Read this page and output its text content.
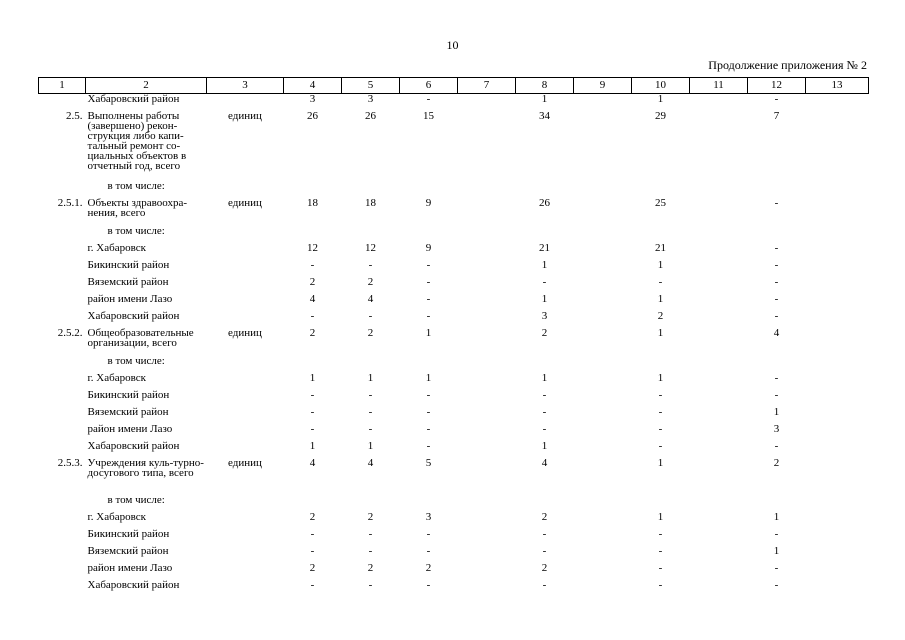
10
Продолжение приложения № 2
1	2	3	4	5	6	7	8	9	10	11	12	13
	Хабаровский район		3	3	-		1		1		-	
2.5.	Выполнены работы (завершено) рекон-струкция либо капи-тальный ремонт со-циальных объектов в отчетный год, всего	единиц	26	26	15		34		29		7	
	в том числе:											
2.5.1.	Объекты здравоохра-нения, всего	единиц	18	18	9		26		25		-	
	в том числе:											
	г. Хабаровск		12	12	9		21		21		-	
	Бикинский район		-	-	-		1		1		-	
	Вяземский район		2	2	-		-		-		-	
	район имени Лазо		4	4	-		1		1		-	
	Хабаровский район		-	-	-		3		2		-	
2.5.2.	Общеобразовательные организации, всего	единиц	2	2	1		2		1		4	
	в том числе:											
	г. Хабаровск		1	1	1		1		1		-	
	Бикинский район		-	-	-		-		-		-	
	Вяземский район		-	-	-		-		-		1	
	район имени Лазо		-	-	-		-		-		3	
	Хабаровский район		1	1	-		1		-		-	
2.5.3.	Учреждения куль-турно-досугового типа, всего	единиц	4	4	5		4		1		2	
	в том числе:											
	г. Хабаровск		2	2	3		2		1		1	
	Бикинский район		-	-	-		-		-		-	
	Вяземский район		-	-	-		-		-		1	
	район имени Лазо		2	2	2		2		-		-	
	Хабаровский район		-	-	-		-		-		-	
